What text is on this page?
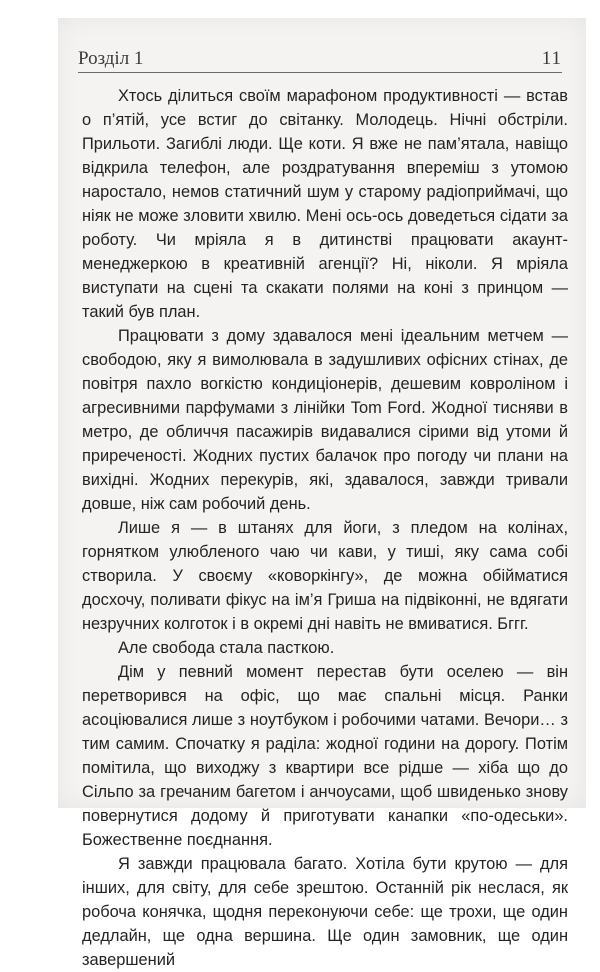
Розділ 1	11

Хтось ділиться своїм марафоном продуктивності — встав о п’ятій, усе встиг до світанку. Молодець. Нічні обстріли. Прильоти. Загиблі люди. Ще коти. Я вже не пам’ятала, навіщо відкрила телефон, але роздратування впереміш з утомою наростало, немов статичний шум у старому радіоприймачі, що ніяк не може зловити хвилю. Мені ось-ось доведеться сідати за роботу. Чи мріяла я в дитинстві працювати акаунт-менеджеркою в креативній агенції? Ні, ніколи. Я мріяла виступати на сцені та скакати полями на коні з принцом — такий був план.

Працювати з дому здавалося мені ідеальним метчем — свободою, яку я вимолювала в задушливих офісних стінах, де повітря пахло вогкістю кондиціонерів, дешевим ковроліном і агресивними парфумами з лінійки Tom Ford. Жодної тисняви в метро, де обличчя пасажирів видавалися сірими від утоми й приреченості. Жодних пустих балачок про погоду чи плани на вихідні. Жодних перекурів, які, здавалося, завжди тривали довше, ніж сам робочий день.

Лише я — в штанях для йоги, з пледом на колінах, горнятком улюбленого чаю чи кави, у тиші, яку сама собі створила. У своєму «коворкінгу», де можна обійматися досхочу, поливати фікус на ім’я Гриша на підвіконні, не вдягати незручних колготок і в окремі дні навіть не вмиватися. Бггг.

Але свобода стала пасткою.

Дім у певний момент перестав бути оселею — він перетворився на офіс, що має спальні місця. Ранки асоціювалися лише з ноутбуком і робочими чатами. Вечори… з тим самим. Спочатку я раділа: жодної години на дорогу. Потім помітила, що виходжу з квартири все рідше — хіба що до Сільпо за гречаним багетом і анчоусами, щоб швиденько знову повернутися додому й приготувати канапки «по-одеськи». Божественне поєднання.

Я завжди працювала багато. Хотіла бути крутою — для інших, для світу, для себе зрештою. Останній рік неслася, як робоча конячка, щодня переконуючи себе: ще трохи, ще один дедлайн, ще одна вершина. Ще один замовник, ще один завершений
